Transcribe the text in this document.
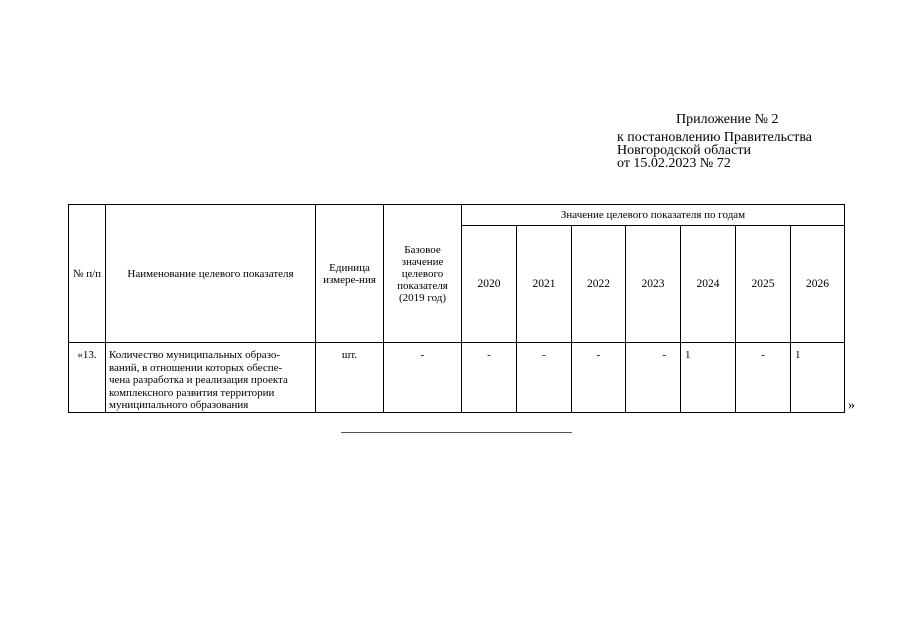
Приложение № 2
к постановлению Правительства
Новгородской области
от 15.02.2023 № 72
№ п/п	Наименование целевого показателя	Единица измере-ния	Базовое значение целевого показателя (2019 год)	Значение целевого показателя по годам						
				2020	2021	2022	2023	2024	2025	2026
«13.	Количество муниципальных образо-
ваний, в отношении которых обеспе-
чена разработка и реализация проекта
комплексного развития территории
муниципального образования	шт.	-	-	-	-	-	1	-	1
»
